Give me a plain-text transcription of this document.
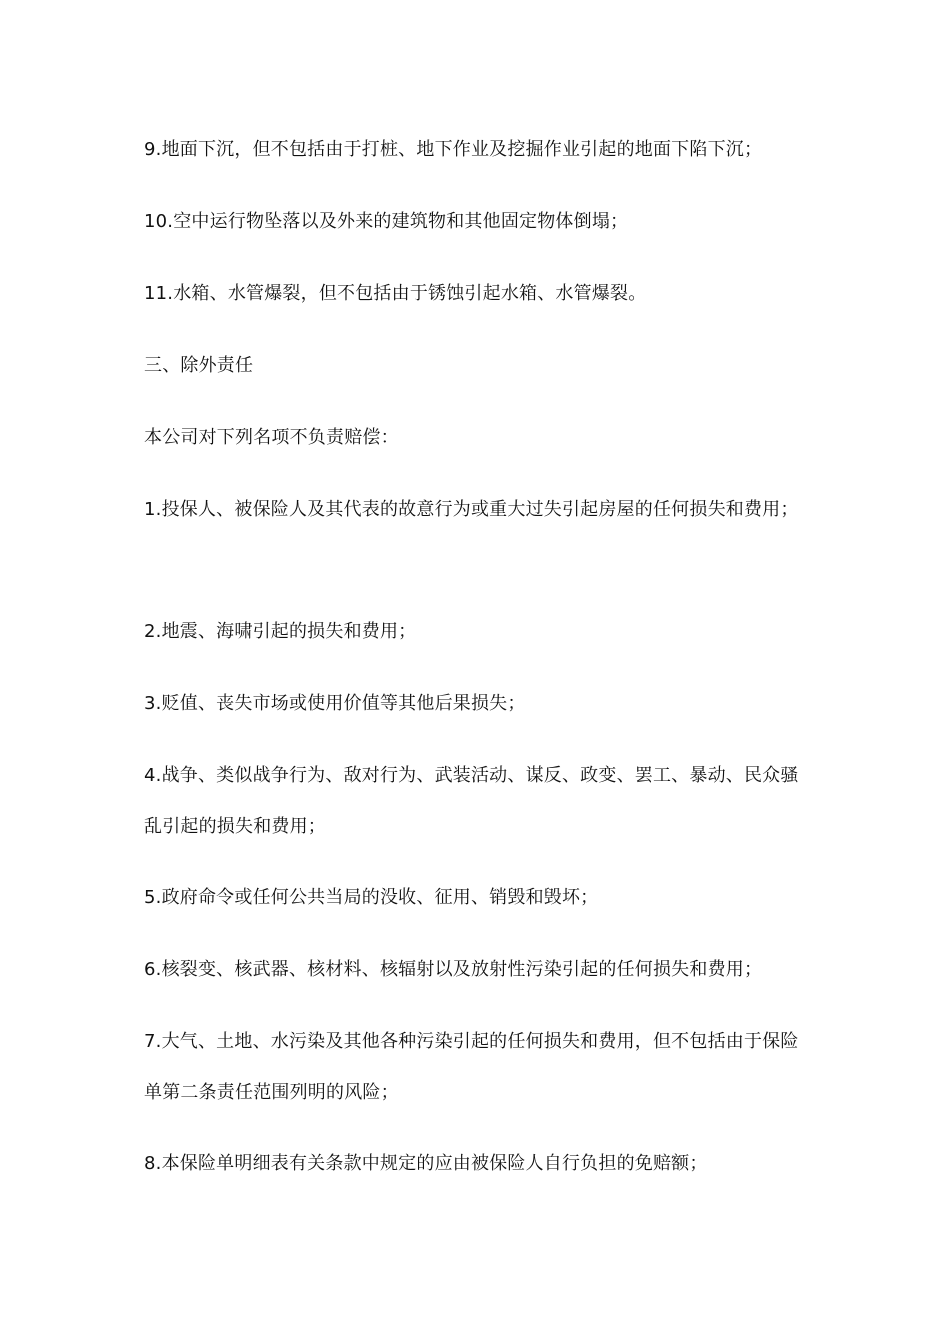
9.地面下沉，但不包括由于打桩、地下作业及挖掘作业引起的地面下陷下沉；

10.空中运行物坠落以及外来的建筑物和其他固定物体倒塌；

11.水箱、水管爆裂，但不包括由于锈蚀引起水箱、水管爆裂。

三、除外责任

本公司对下列名项不负责赔偿：

1.投保人、被保险人及其代表的故意行为或重大过失引起房屋的任何损失和费用；

2.地震、海啸引起的损失和费用；

3.贬值、丧失市场或使用价值等其他后果损失；

4.战争、类似战争行为、敌对行为、武装活动、谋反、政变、罢工、暴动、民众骚乱引起的损失和费用；

5.政府命令或任何公共当局的没收、征用、销毁和毁坏；

6.核裂变、核武器、核材料、核辐射以及放射性污染引起的任何损失和费用；

7.大气、土地、水污染及其他各种污染引起的任何损失和费用，但不包括由于保险单第二条责任范围列明的风险；

8.本保险单明细表有关条款中规定的应由被保险人自行负担的免赔额；
